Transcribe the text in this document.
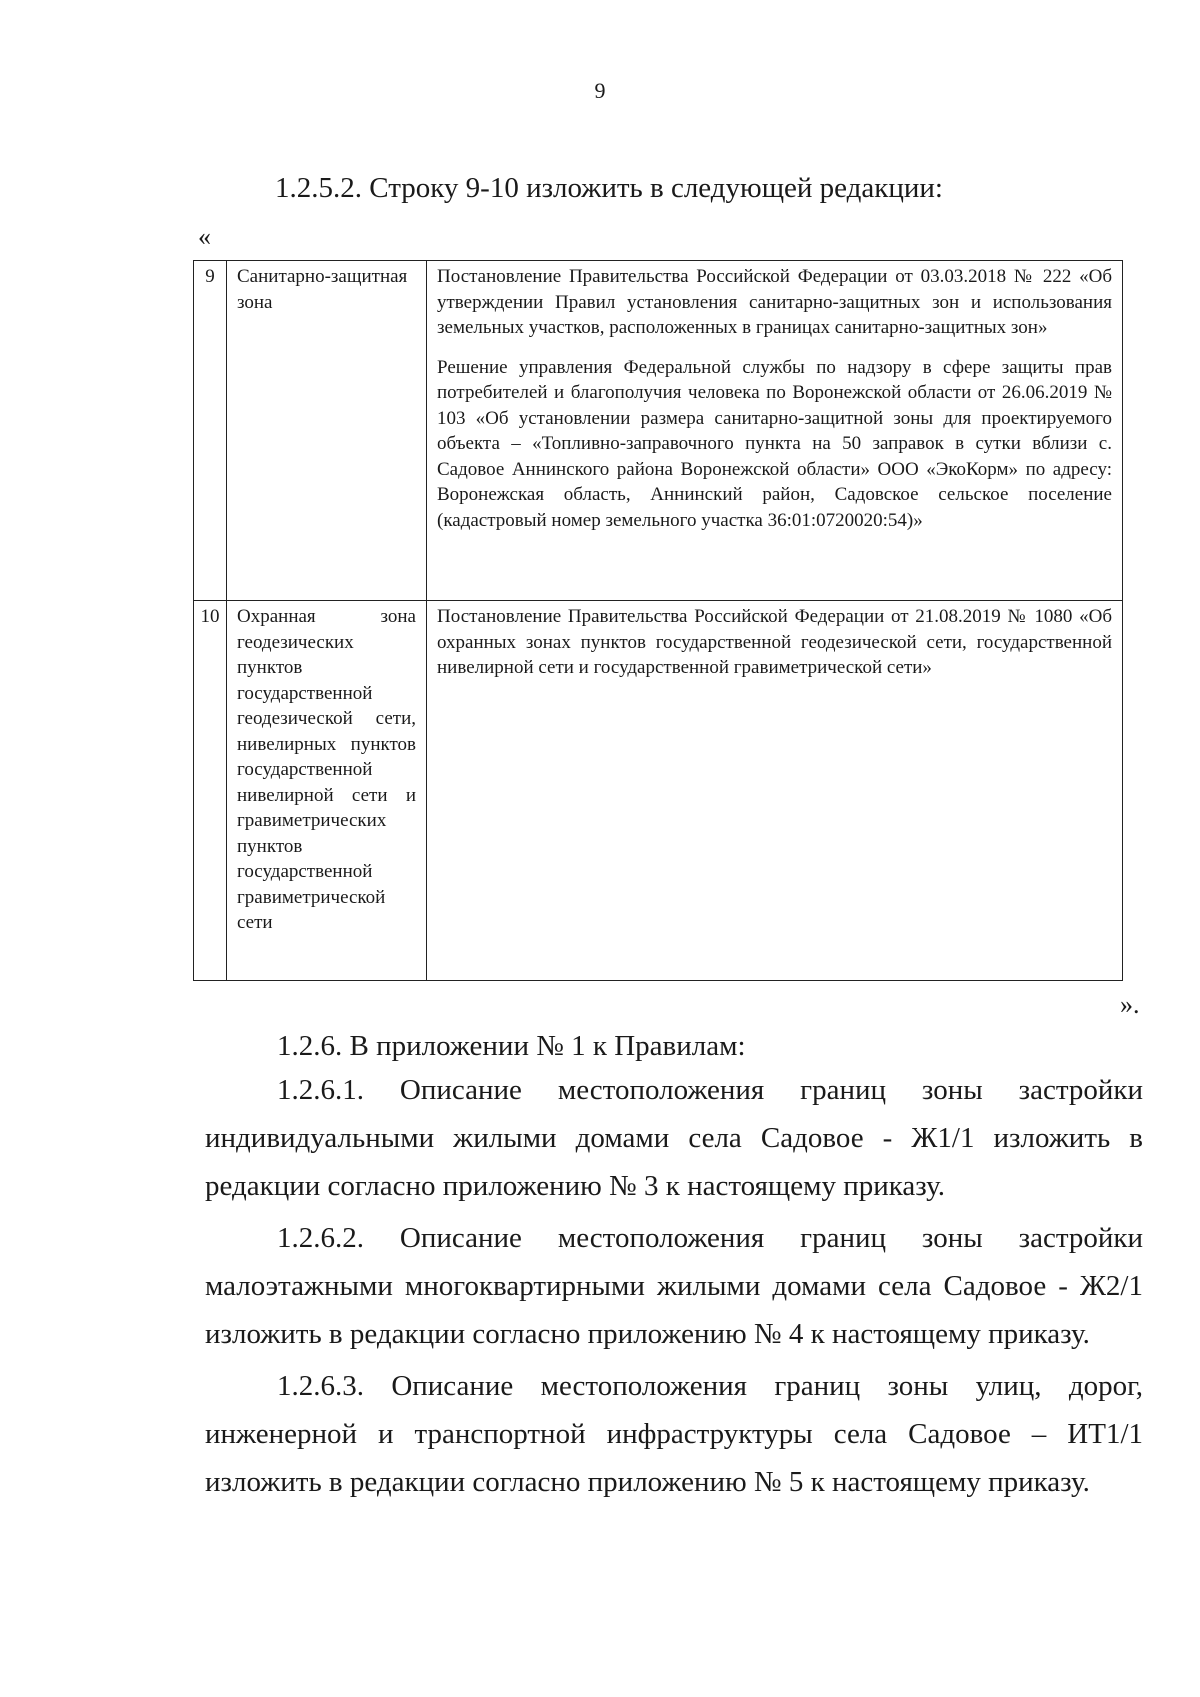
9
1.2.5.2. Строку 9-10 изложить в следующей редакции:
«
9	Санитарно-защитная зона	Постановление Правительства Российской Федерации от 03.03.2018 № 222 «Об утверждении Правил установления санитарно-защитных зон и использования земельных участков, расположенных в границах санитарно-защитных зон»
Решение управления Федеральной службы по надзору в сфере защиты прав потребителей и благополучия человека по Воронежской области от 26.06.2019 № 103 «Об установлении размера санитарно-защитной зоны для проектируемого объекта – «Топливно-заправочного пункта на 50 заправок в сутки вблизи с. Садовое Аннинского района Воронежской области» ООО «ЭкоКорм» по адресу: Воронежская область, Аннинский район, Садовское сельское поселение (кадастровый номер земельного участка 36:01:0720020:54)»

10	Охранная зона геодезических пунктов государственной геодезической сети, нивелирных пунктов государственной нивелирной сети и гравиметрических пунктов государственной гравиметрической сети	Постановление Правительства Российской Федерации от 21.08.2019 № 1080 «Об охранных зонах пунктов государственной геодезической сети, государственной нивелирной сети и государственной гравиметрической сети»
».
1.2.6. В приложении № 1 к Правилам:
1.2.6.1. Описание местоположения границ зоны застройки индивидуальными жилыми домами села Садовое - Ж1/1 изложить в редакции согласно приложению № 3 к настоящему приказу.
1.2.6.2. Описание местоположения границ зоны застройки малоэтажными многоквартирными жилыми домами села Садовое - Ж2/1 изложить в редакции согласно приложению № 4 к настоящему приказу.
1.2.6.3. Описание местоположения границ зоны улиц, дорог, инженерной и транспортной инфраструктуры села Садовое – ИТ1/1 изложить в редакции согласно приложению № 5 к настоящему приказу.
